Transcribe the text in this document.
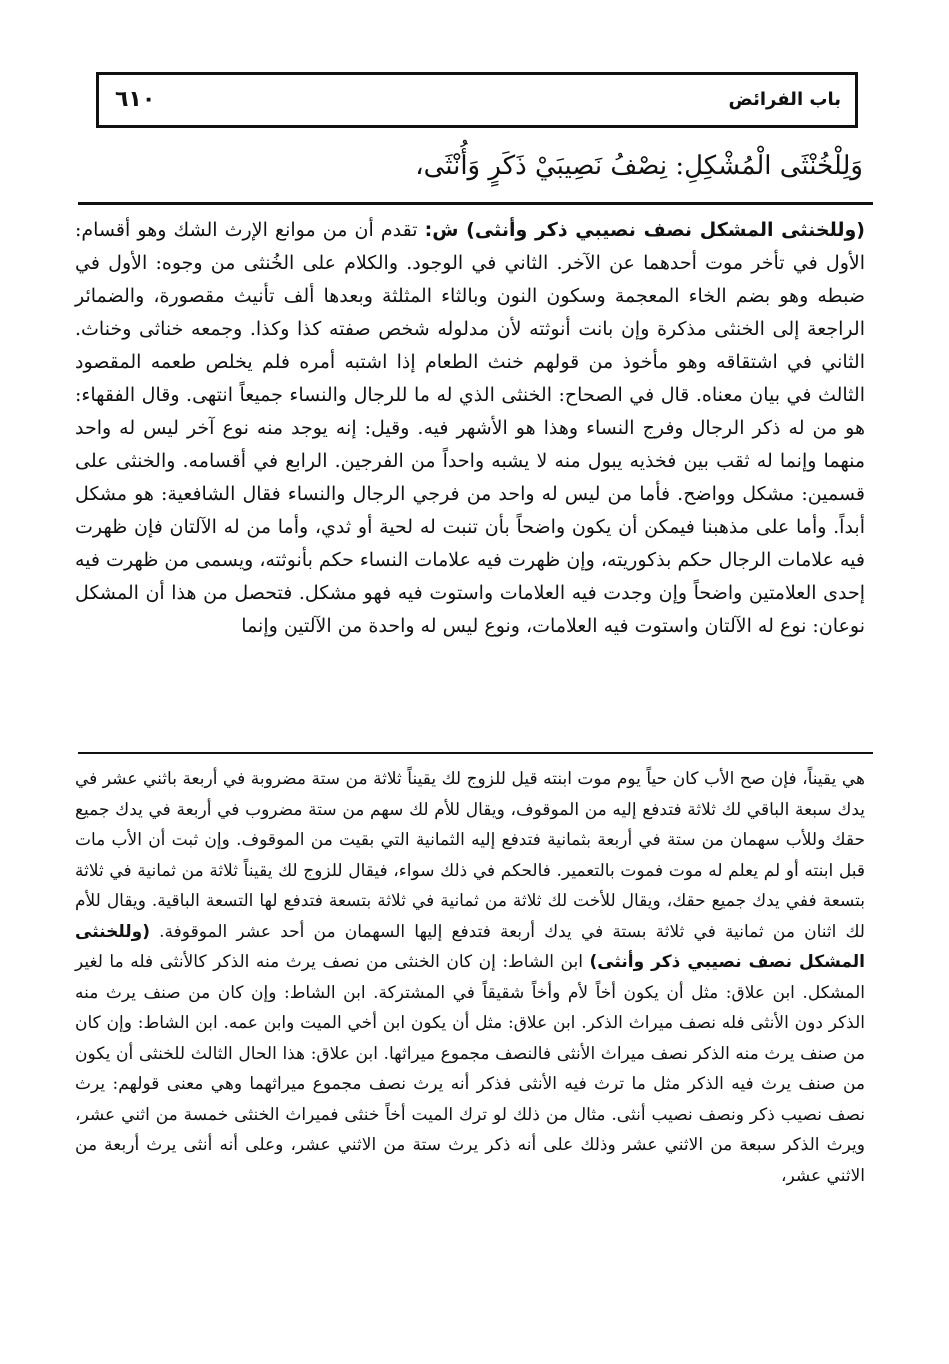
باب الفرائض
٦١٠
وَلِلْخُنْثَى الْمُشْكِلِ: نِصْفُ نَصِيبَيْ ذَكَرٍ وَأُنْثَى،
(وللخنثى المشكل نصف نصيبي ذكر وأنثى) ش: تقدم أن من موانع الإرث الشك وهو أقسام: الأول في تأخر موت أحدهما عن الآخر. الثاني في الوجود. والكلام على الخُنثى من وجوه: الأول في ضبطه وهو بضم الخاء المعجمة وسكون النون وبالثاء المثلثة وبعدها ألف تأنيث مقصورة، والضمائر الراجعة إلى الخنثى مذكرة وإن بانت أنوثته لأن مدلوله شخص صفته كذا وكذا. وجمعه خناثى وخناث. الثاني في اشتقاقه وهو مأخوذ من قولهم خنث الطعام إذا اشتبه أمره فلم يخلص طعمه المقصود الثالث في بيان معناه. قال في الصحاح: الخنثى الذي له ما للرجال والنساء جميعاً انتهى. وقال الفقهاء: هو من له ذكر الرجال وفرج النساء وهذا هو الأشهر فيه. وقيل: إنه يوجد منه نوع آخر ليس له واحد منهما وإنما له ثقب بين فخذيه يبول منه لا يشبه واحداً من الفرجين. الرابع في أقسامه. والخنثى على قسمين: مشكل وواضح. فأما من ليس له واحد من فرجي الرجال والنساء فقال الشافعية: هو مشكل أبداً. وأما على مذهبنا فيمكن أن يكون واضحاً بأن تنبت له لحية أو ثدي، وأما من له الآلتان فإن ظهرت فيه علامات الرجال حكم بذكوريته، وإن ظهرت فيه علامات النساء حكم بأنوثته، ويسمى من ظهرت فيه إحدى العلامتين واضحاً وإن وجدت فيه العلامات واستوت فيه فهو مشكل. فتحصل من هذا أن المشكل نوعان: نوع له الآلتان واستوت فيه العلامات، ونوع ليس له واحدة من الآلتين وإنما
هي يقيناً، فإن صح الأب كان حياً يوم موت ابنته قيل للزوج لك يقيناً ثلاثة من ستة مضروبة في أربعة باثني عشر في يدك سبعة الباقي لك ثلاثة فتدفع إليه من الموقوف، ويقال للأم لك سهم من ستة مضروب في أربعة في يدك جميع حقك وللأب سهمان من ستة في أربعة بثمانية فتدفع إليه الثمانية التي بقيت من الموقوف. وإن ثبت أن الأب مات قبل ابنته أو لم يعلم له موت فموت بالتعمير. فالحكم في ذلك سواء، فيقال للزوج لك يقيناً ثلاثة من ثمانية في ثلاثة بتسعة ففي يدك جميع حقك، ويقال للأخت لك ثلاثة من ثمانية في ثلاثة بتسعة فتدفع لها التسعة الباقية. ويقال للأم لك اثنان من ثمانية في ثلاثة بستة في يدك أربعة فتدفع إليها السهمان من أحد عشر الموقوفة. (وللخنثى المشكل نصف نصيبي ذكر وأنثى) ابن الشاط: إن كان الخنثى من نصف يرث منه الذكر كالأنثى فله ما لغير المشكل. ابن علاق: مثل أن يكون أخاً لأم وأخاً شقيقاً في المشتركة. ابن الشاط: وإن كان من صنف يرث منه الذكر دون الأنثى فله نصف ميراث الذكر. ابن علاق: مثل أن يكون ابن أخي الميت وابن عمه. ابن الشاط: وإن كان من صنف يرث منه الذكر نصف ميراث الأنثى فالنصف مجموع ميراثها. ابن علاق: هذا الحال الثالث للخنثى أن يكون من صنف يرث فيه الذكر مثل ما ترث فيه الأنثى فذكر أنه يرث نصف مجموع ميراثهما وهي معنى قولهم: يرث نصف نصيب ذكر ونصف نصيب أنثى. مثال من ذلك لو ترك الميت أخاً خنثى فميراث الخنثى خمسة من اثني عشر، ويرث الذكر سبعة من الاثني عشر وذلك على أنه ذكر يرث ستة من الاثني عشر، وعلى أنه أنثى يرث أربعة من الاثني عشر،
